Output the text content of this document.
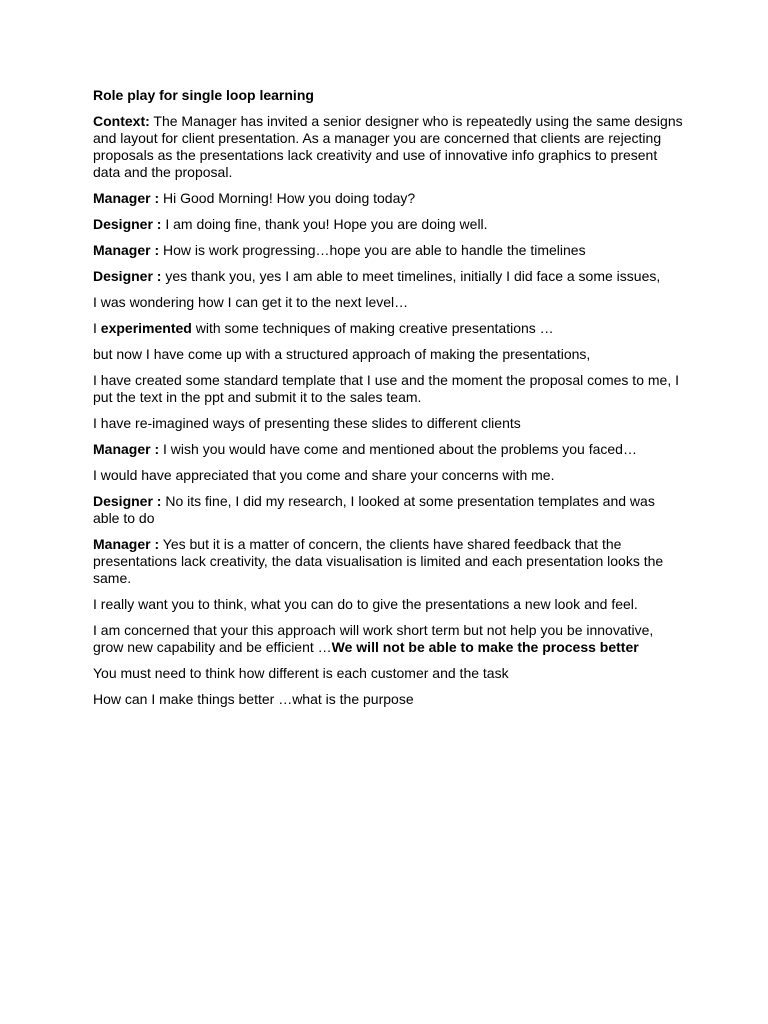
Role play for single loop learning

Context: The Manager has invited a senior designer who is repeatedly using the same designs and layout for client presentation. As a manager you are concerned that clients are rejecting proposals as the presentations lack creativity and use of innovative info graphics to present data and the proposal.

Manager : Hi Good Morning! How you doing today?

Designer : I am doing fine, thank you! Hope you are doing well.

Manager : How is work progressing…hope you are able to handle the timelines

Designer : yes thank you, yes I am able to meet timelines, initially I did face a some issues,

I was wondering how I can get it to the next level…

I experimented with some techniques of making creative presentations …

but now I have come up with a structured approach of making the presentations,

I have created some standard template that I use and the moment the proposal comes to me, I put the text in the ppt and submit it to the sales team.

I have re-imagined ways of presenting these slides to different clients

Manager : I wish you would have come and mentioned about the problems you faced…

I would have appreciated that you come and share your concerns with me.

Designer : No its fine, I did my research, I looked at some presentation templates and was able to do

Manager : Yes but it is a matter of concern, the clients have shared feedback that the presentations lack creativity, the data visualisation is limited and each presentation looks the same.

I really want you to think, what you can do to give the presentations a new look and feel.

I am concerned that your this approach will work short term but not help you be innovative, grow new capability and be efficient …We will not be able to make the process better

You must need to think how different is each customer and the task

How can I make things better …what is the purpose
